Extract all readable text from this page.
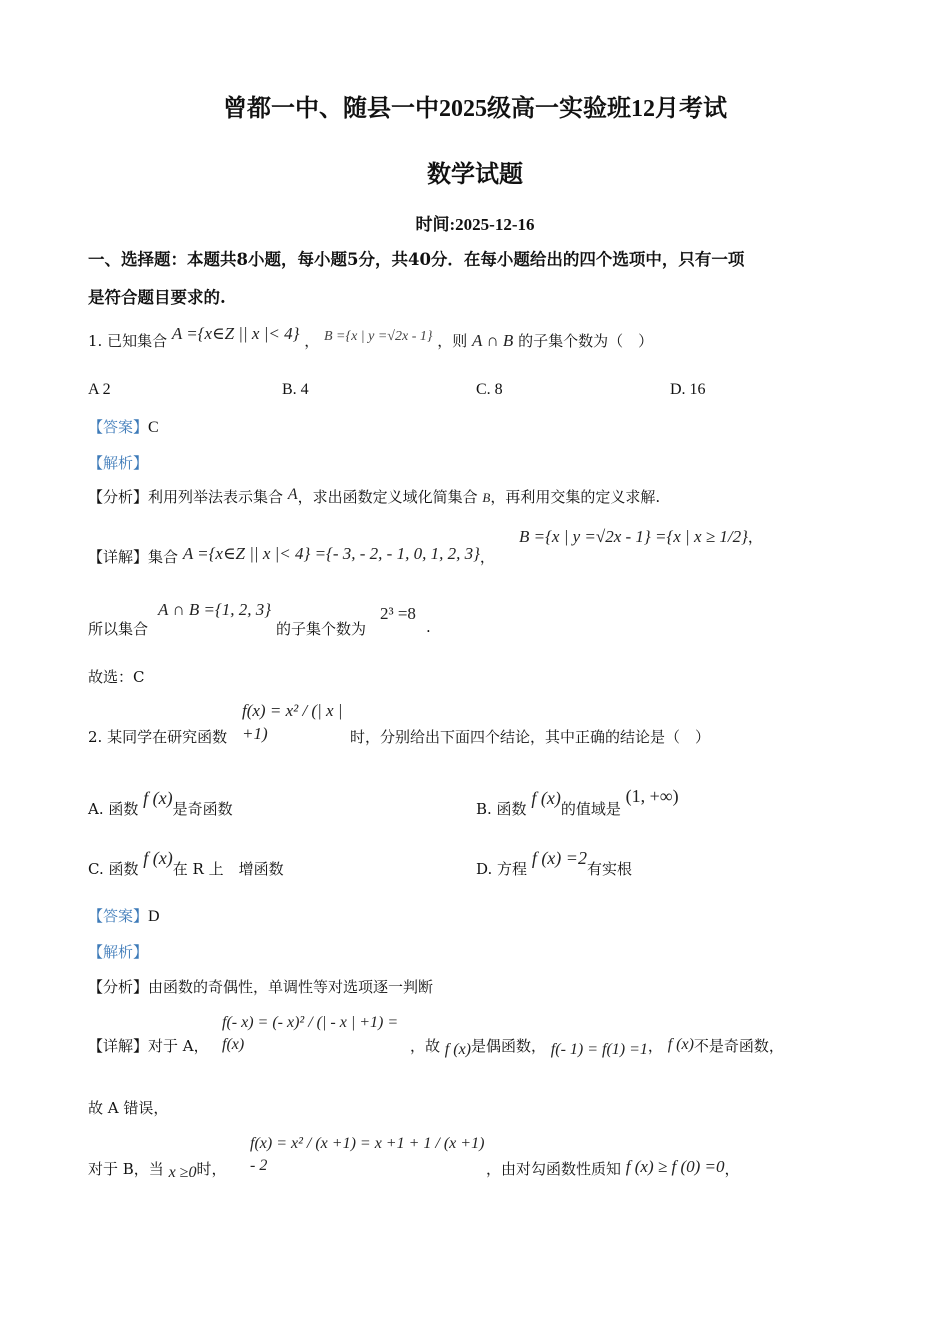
曾都一中、随县一中2025级高一实验班12月考试
数学试题
时间:2025-12-16
一、选择题：本题共8小题，每小题5分，共40分．在每小题给出的四个选项中，只有一项
是符合题目要求的.
1. 已知集合 A ={x∈Z || x |< 4} ， B ={x | y =√2x - 1} ，则 A ∩ B 的子集个数为（　）
A 2	B. 4	C. 8	D. 16
【答案】C
【解析】
【分析】利用列举法表示集合 A，求出函数定义域化简集合 B，再利用交集的定义求解.
【详解】集合 A ={x∈Z || x |< 4} ={- 3, - 2, - 1, 0, 1, 2, 3}，
B ={x | y =√2x - 1} ={x | x ≥ 1/2}，
所以集合
A ∩ B ={1, 2, 3}
的子集个数为
2³ =8
.
故选：C
2. 某同学在研究函数
f(x) = x² / (| x | +1)	时，分别给出下面四个结论，其中正确的结论是（　）
A. 函数 f (x)是奇函数	B. 函数 f (x)的值域是 (1, +∞)
C. 函数 f (x)在 R 上　增函数	D. 方程 f (x) =2有实根
【答案】D
【解析】
【分析】由函数的奇偶性，单调性等对选项逐一判断
【详解】对于 A，
f(- x) = (- x)² / (| - x | +1) = f(x)	，故 f (x)是偶函数， f(- 1) = f(1) =1， f (x)不是奇函数，
故 A 错误，
对于 B，当 x ≥0时，
f(x) = x² / (x +1) = x +1 + 1 / (x +1) - 2	，由对勾函数性质知 f (x) ≥ f (0) =0，
